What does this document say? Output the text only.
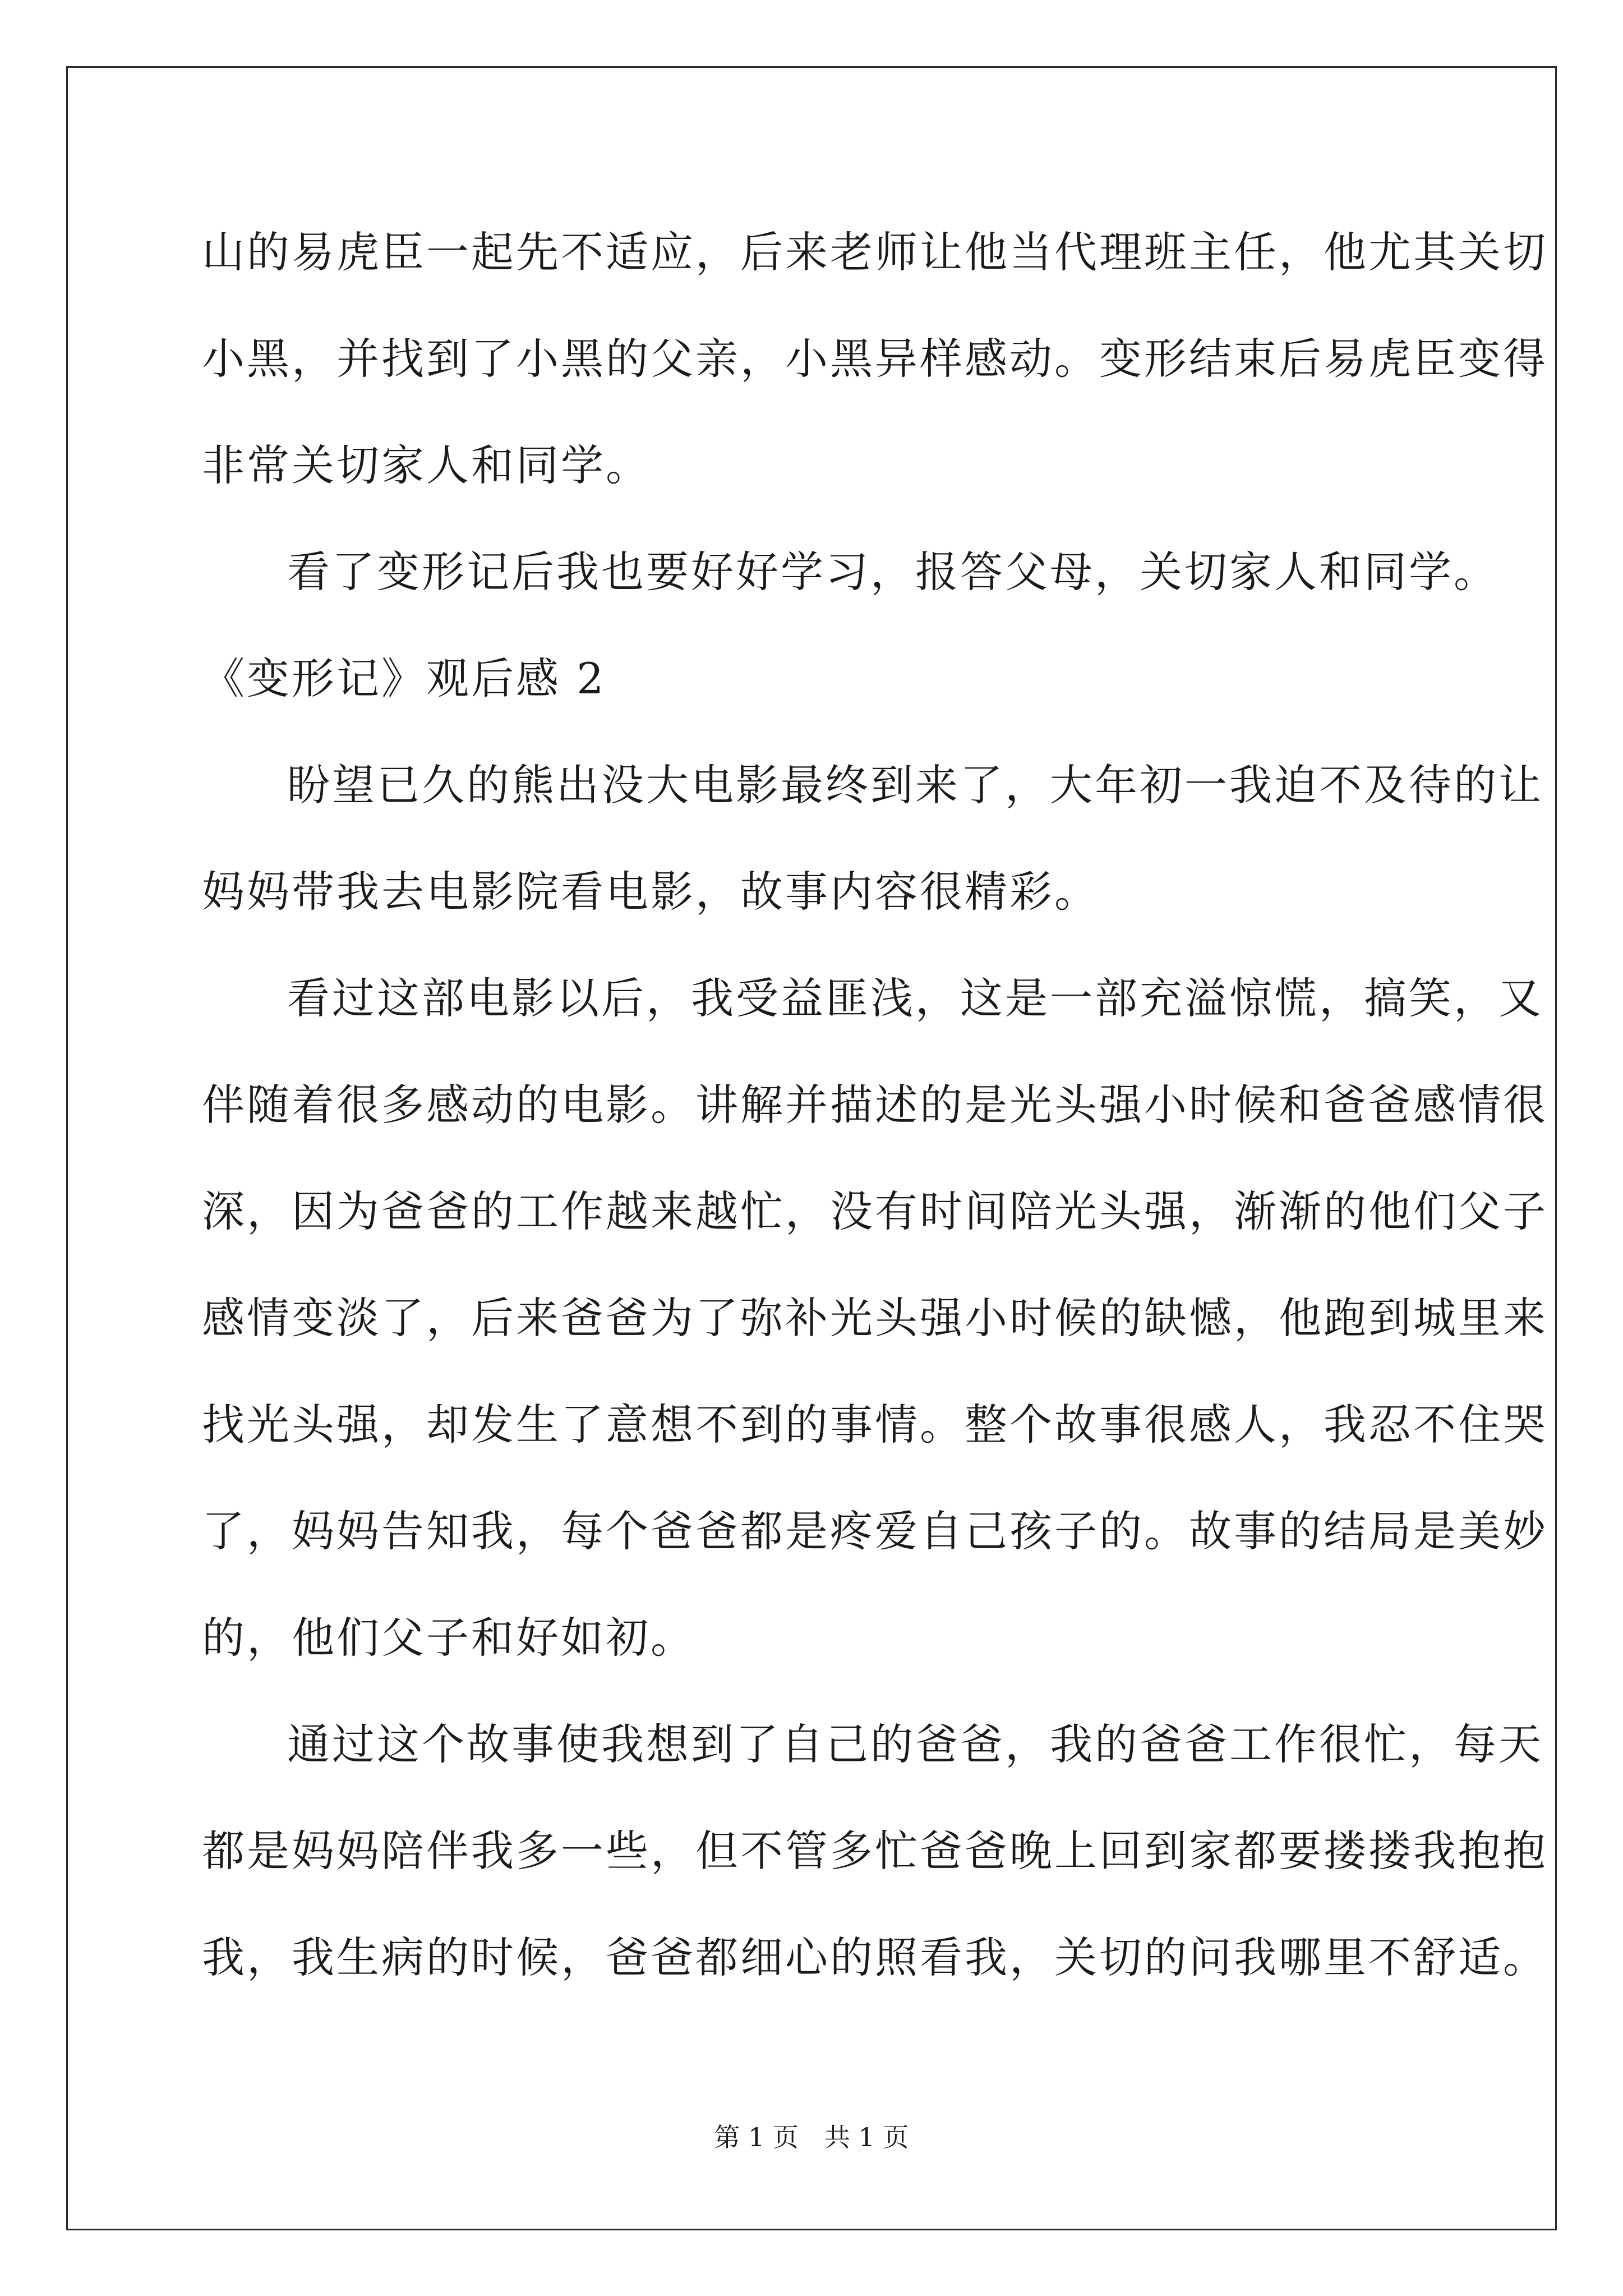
山的易虎臣一起先不适应，后来老师让他当代理班主任，他尤其关切
小黑，并找到了小黑的父亲，小黑异样感动。变形结束后易虎臣变得
非常关切家人和同学。
看了变形记后我也要好好学习，报答父母，关切家人和同学。
《变形记》观后感 2
盼望已久的熊出没大电影最终到来了，大年初一我迫不及待的让
妈妈带我去电影院看电影，故事内容很精彩。
看过这部电影以后，我受益匪浅，这是一部充溢惊慌，搞笑，又
伴随着很多感动的电影。讲解并描述的是光头强小时候和爸爸感情很
深，因为爸爸的工作越来越忙，没有时间陪光头强，渐渐的他们父子
感情变淡了，后来爸爸为了弥补光头强小时候的缺憾，他跑到城里来
找光头强，却发生了意想不到的事情。整个故事很感人，我忍不住哭
了，妈妈告知我，每个爸爸都是疼爱自己孩子的。故事的结局是美妙
的，他们父子和好如初。
通过这个故事使我想到了自己的爸爸，我的爸爸工作很忙，每天
都是妈妈陪伴我多一些，但不管多忙爸爸晚上回到家都要搂搂我抱抱
我，我生病的时候，爸爸都细心的照看我，关切的问我哪里不舒适。
第 1 页　共 1 页
